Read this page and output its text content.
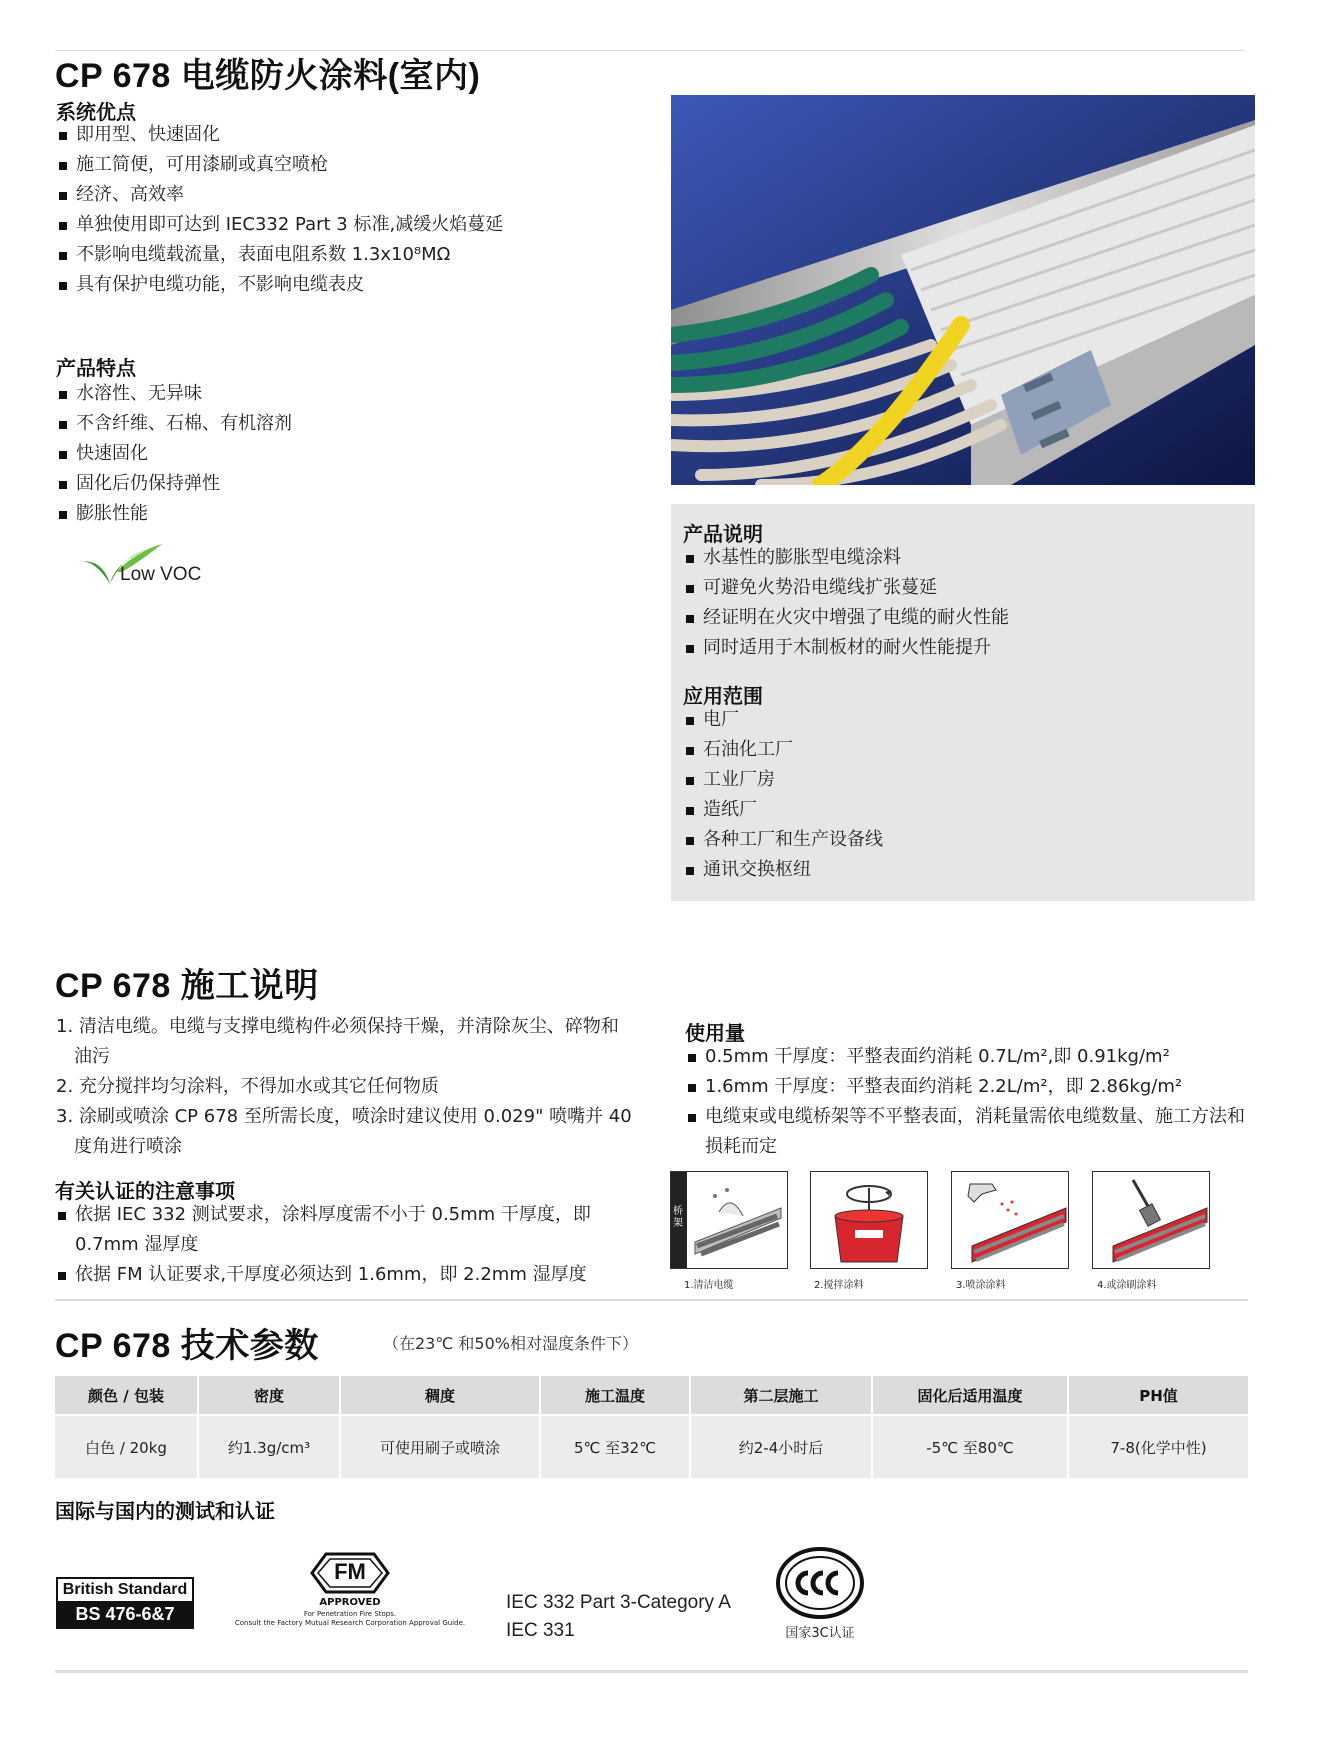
CP 678 电缆防火涂料(室内)
系统优点
即用型、快速固化
施工简便，可用漆刷或真空喷枪
经济、高效率
单独使用即可达到 IEC332 Part 3 标准,减缓火焰蔓延
不影响电缆载流量，表面电阻系数 1.3x10⁸MΩ
具有保护电缆功能，不影响电缆表皮
产品特点
水溶性、无异味
不含纤维、石棉、有机溶剂
快速固化
固化后仍保持弹性
膨胀性能
Low VOC
产品说明
水基性的膨胀型电缆涂料
可避免火势沿电缆线扩张蔓延
经证明在火灾中增强了电缆的耐火性能
同时适用于木制板材的耐火性能提升
应用范围
电厂
石油化工厂
工业厂房
造纸厂
各种工厂和生产设备线
通讯交换枢纽
CP 678 施工说明
1. 清洁电缆。电缆与支撑电缆构件必须保持干燥，并清除灰尘、碎物和油污
2. 充分搅拌均匀涂料，不得加水或其它任何物质
3. 涂刷或喷涂 CP 678 至所需长度，喷涂时建议使用 0.029" 喷嘴并 40 度角进行喷涂
有关认证的注意事项
依据 IEC 332 测试要求，涂料厚度需不小于 0.5mm 干厚度，即 0.7mm 湿厚度
依据 FM 认证要求,干厚度必须达到 1.6mm，即 2.2mm 湿厚度
使用量
0.5mm 干厚度：平整表面约消耗 0.7L/m²,即 0.91kg/m²
1.6mm 干厚度：平整表面约消耗 2.2L/m²，即 2.86kg/m²
电缆束或电缆桥架等不平整表面，消耗量需依电缆数量、施工方法和损耗而定
桥架
1.清洁电缆	2.搅拌涂料	3.喷涂涂料	4.或涂刷涂料
CP 678 技术参数	（在23℃ 和50%相对湿度条件下）
颜色 / 包装	密度	稠度	施工温度	第二层施工	固化后适用温度	PH值
白色 / 20kg	约1.3g/cm³	可使用刷子或喷涂	5℃ 至32℃	约2-4小时后	-5℃ 至80℃	7-8(化学中性)
国际与国内的测试和认证
British Standard
BS 476-6&7
FM
APPROVED
For Penetration Fire Stops.
Consult the Factory Mutual Research Corporation Approval Guide.
IEC 332 Part 3-Category A
IEC 331	国家3C认证
